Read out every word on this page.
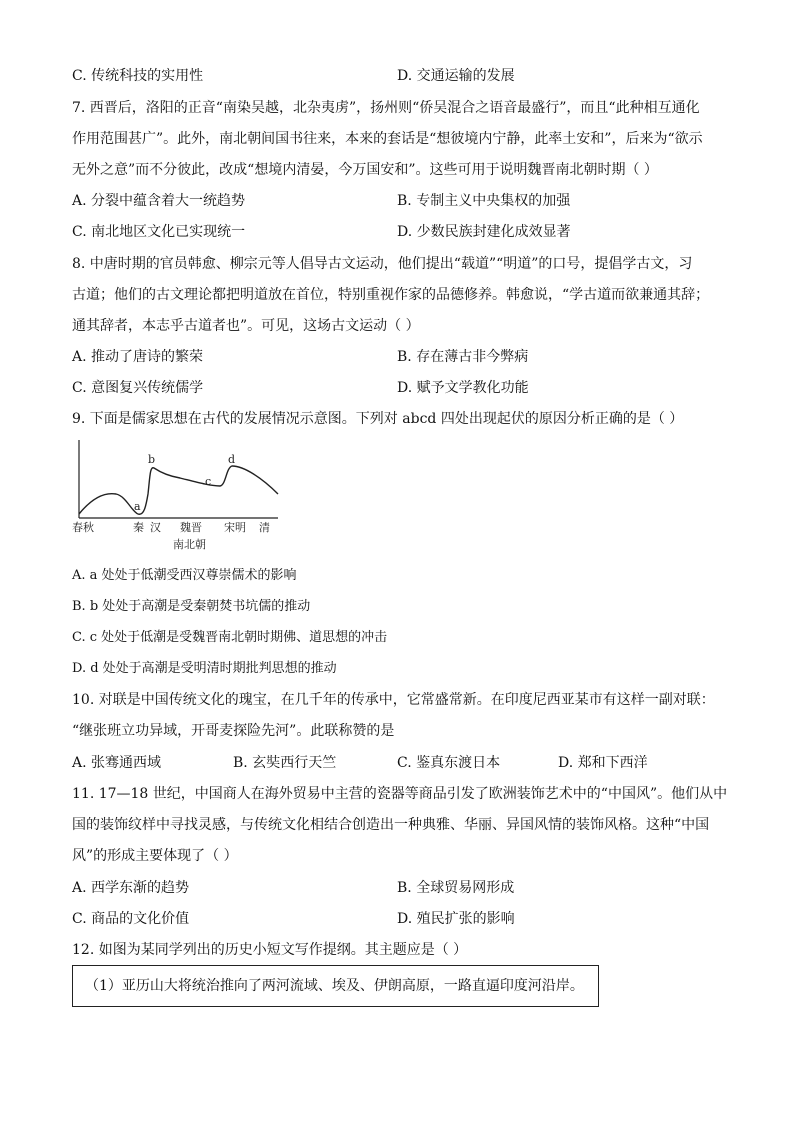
C. 传统科技的实用性	D. 交通运输的发展
7. 西晋后，洛阳的正音“南染吴越，北杂夷虏”，扬州则“侨吴混合之语音最盛行”，而且“此种相互通化
作用范围甚广”。此外，南北朝间国书往来，本来的套话是“想彼境内宁静，此率土安和”，后来为“欲示
无外之意”而不分彼此，改成“想境内清晏，今万国安和”。这些可用于说明魏晋南北朝时期（ ）
A. 分裂中蕴含着大一统趋势	B. 专制主义中央集权的加强
C. 南北地区文化已实现统一	D. 少数民族封建化成效显著
8. 中唐时期的官员韩愈、柳宗元等人倡导古文运动，他们提出“载道”“明道”的口号，提倡学古文，习
古道；他们的古文理论都把明道放在首位，特别重视作家的品德修养。韩愈说，“学古道而欲兼通其辞；
通其辞者，本志乎古道者也”。可见，这场古文运动（ ）
A. 推动了唐诗的繁荣	B. 存在薄古非今弊病
C. 意图复兴传统儒学	D. 赋予文学教化功能
9. 下面是儒家思想在古代的发展情况示意图。下列对 abcd 四处出现起伏的原因分析正确的是（ ）
a
b
c
d
春秋	秦 汉 魏晋
南北朝
宋明 清
A. a 处处于低潮受西汉尊崇儒术的影响
B. b 处处于高潮是受秦朝焚书坑儒的推动
C. c 处处于低潮是受魏晋南北朝时期佛、道思想的冲击
D. d 处处于高潮是受明清时期批判思想的推动
10. 对联是中国传统文化的瑰宝，在几千年的传承中，它常盛常新。在印度尼西亚某市有这样一副对联：
“继张班立功异域，开哥麦探险先河”。此联称赞的是
A. 张骞通西域	B. 玄奘西行天竺	C. 鉴真东渡日本	D. 郑和下西洋
11. 17—18 世纪，中国商人在海外贸易中主营的瓷器等商品引发了欧洲装饰艺术中的“中国风”。他们从中
国的装饰纹样中寻找灵感，与传统文化相结合创造出一种典雅、华丽、异国风情的装饰风格。这种“中国
风”的形成主要体现了（ ）
A. 西学东渐的趋势	B. 全球贸易网形成
C. 商品的文化价值	D. 殖民扩张的影响
12. 如图为某同学列出的历史小短文写作提纲。其主题应是（ ）
（1）亚历山大将统治推向了两河流域、埃及、伊朗高原，一路直逼印度河沿岸。
